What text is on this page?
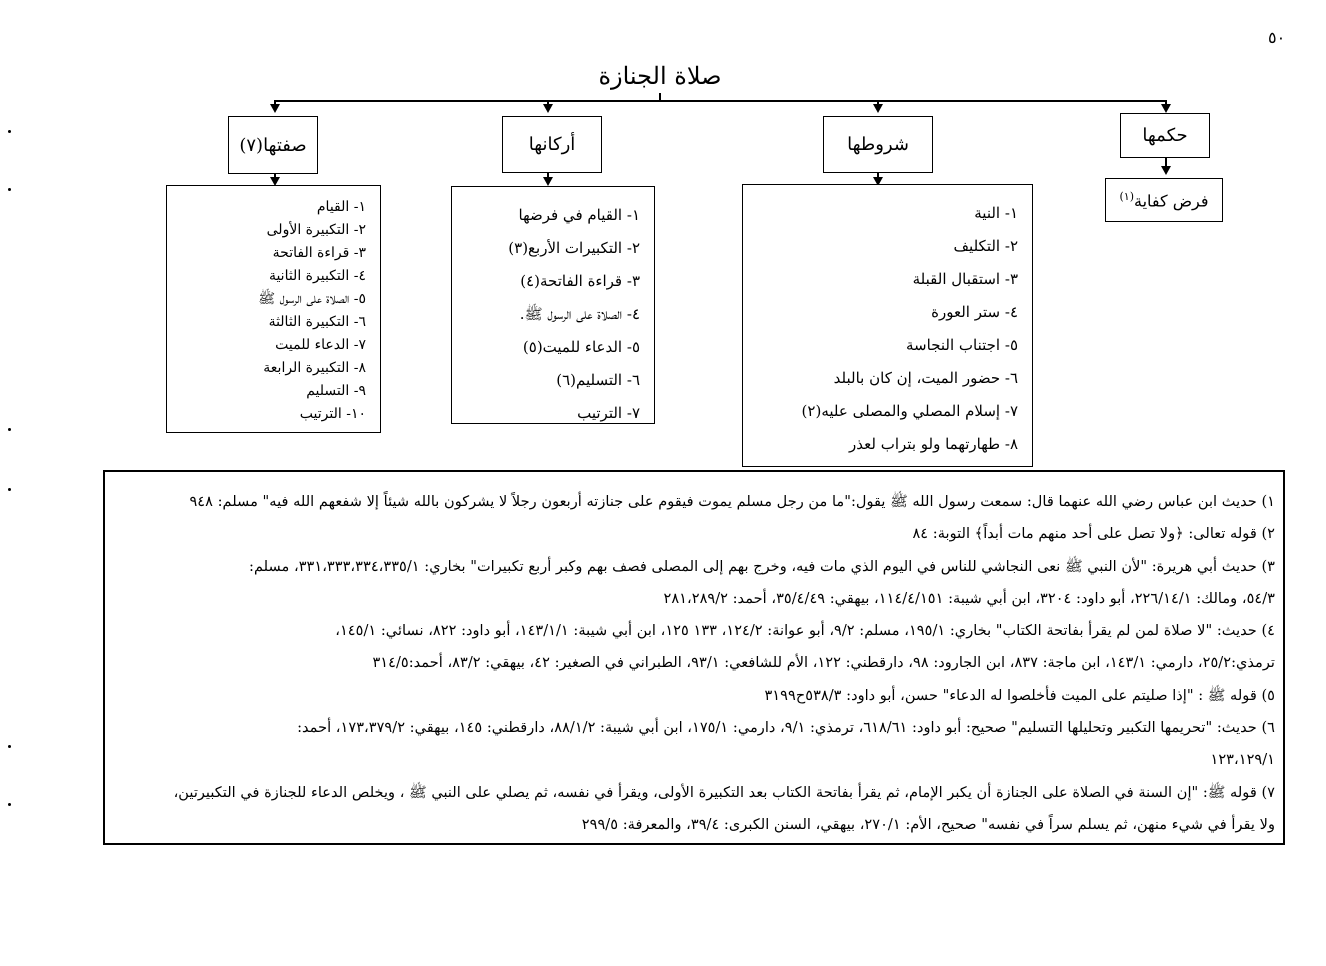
٥٠
صلاة الجنازة
صفتها(٧)	أركانها	شروطها	حكمها
فرض كفاية$^{(١)}$
١- القيام
٢- التكبيرة الأولى
٣- قراءة الفاتحة
٤- التكبيرة الثانية
٥- الصلاة على الرسول ﷺ
٦- التكبيرة الثالثة
٧- الدعاء للميت
٨- التكبيرة الرابعة
٩- التسليم
١٠- الترتيب
١- القيام في فرضها
٢- التكبيرات الأربع(٣)
٣- قراءة الفاتحة(٤)
٤- الصلاة على الرسول ﷺ.
٥- الدعاء للميت(٥)
٦- التسليم(٦)
٧- الترتيب
١- النية
٢- التكليف
٣- استقبال القبلة
٤- ستر العورة
٥- اجتناب النجاسة
٦- حضور الميت، إن كان بالبلد
٧- إسلام المصلي والمصلى عليه(٢)
٨- طهارتهما ولو بتراب لعذر
١) حديث ابن عباس رضي الله عنهما قال: سمعت رسول الله ﷺ يقول:"ما من رجل مسلم يموت فيقوم على جنازته أربعون رجلاً لا يشركون بالله شيئاً إلا شفعهم الله فيه" مسلم: ٩٤٨
٢) قوله تعالى: ﴿ولا تصل على أحد منهم مات أبداً﴾ التوبة: ٨٤
٣) حديث أبي هريرة: "لأن النبي ﷺ نعى النجاشي للناس في اليوم الذي مات فيه، وخرج بهم إلى المصلى فصف بهم وكبر أربع تكبيرات" بخاري: ٣٣١،٣٣٣،٣٣٤،٣٣٥/١، مسلم:
٥٤/٣، ومالك: ٢٢٦/١٤/١، أبو داود: ٣٢٠٤، ابن أبي شيبة: ١١٤/٤/١٥١، بيهقي: ٣٥/٤/٤٩، أحمد: ٢٨١،٢٨٩/٢
٤) حديث: "لا صلاة لمن لم يقرأ بفاتحة الكتاب" بخاري: ١٩٥/١، مسلم: ٩/٢، أبو عوانة: ١٢٤/٢، ١٣٣ ١٢٥، ابن أبي شيبة: ١٤٣/١/١، أبو داود: ٨٢٢، نسائي: ١٤٥/١،
ترمذي:٢٥/٢، دارمي: ١٤٣/١، ابن ماجة: ٨٣٧، ابن الجارود: ٩٨، دارقطني: ١٢٢، الأم للشافعي: ٩٣/١، الطبراني في الصغير: ٤٢، بيهقي: ٨٣/٢، أحمد:٣١٤/٥
٥) قوله ﷺ : "إذا صليتم على الميت فأخلصوا له الدعاء" حسن، أبو داود: ٥٣٨/٣ح٣١٩٩
٦) حديث: "تحريمها التكبير وتحليلها التسليم" صحيح: أبو داود: ٦١٨/٦١، ترمذي: ٩/١، دارمي: ١٧٥/١، ابن أبي شيبة: ٨٨/١/٢، دارقطني: ١٤٥، بيهقي: ١٧٣،٣٧٩/٢، أحمد:
١٢٣،١٢٩/١
٧) قوله ﷺ: "إن السنة في الصلاة على الجنازة أن يكبر الإمام، ثم يقرأ بفاتحة الكتاب بعد التكبيرة الأولى، ويقرأ في نفسه، ثم يصلي على النبي ﷺ ، ويخلص الدعاء للجنازة في التكبيرتين،
ولا يقرأ في شيء منهن، ثم يسلم سراً في نفسه" صحيح، الأم: ٢٧٠/١، بيهقي، السنن الكبرى: ٣٩/٤، والمعرفة: ٢٩٩/٥
